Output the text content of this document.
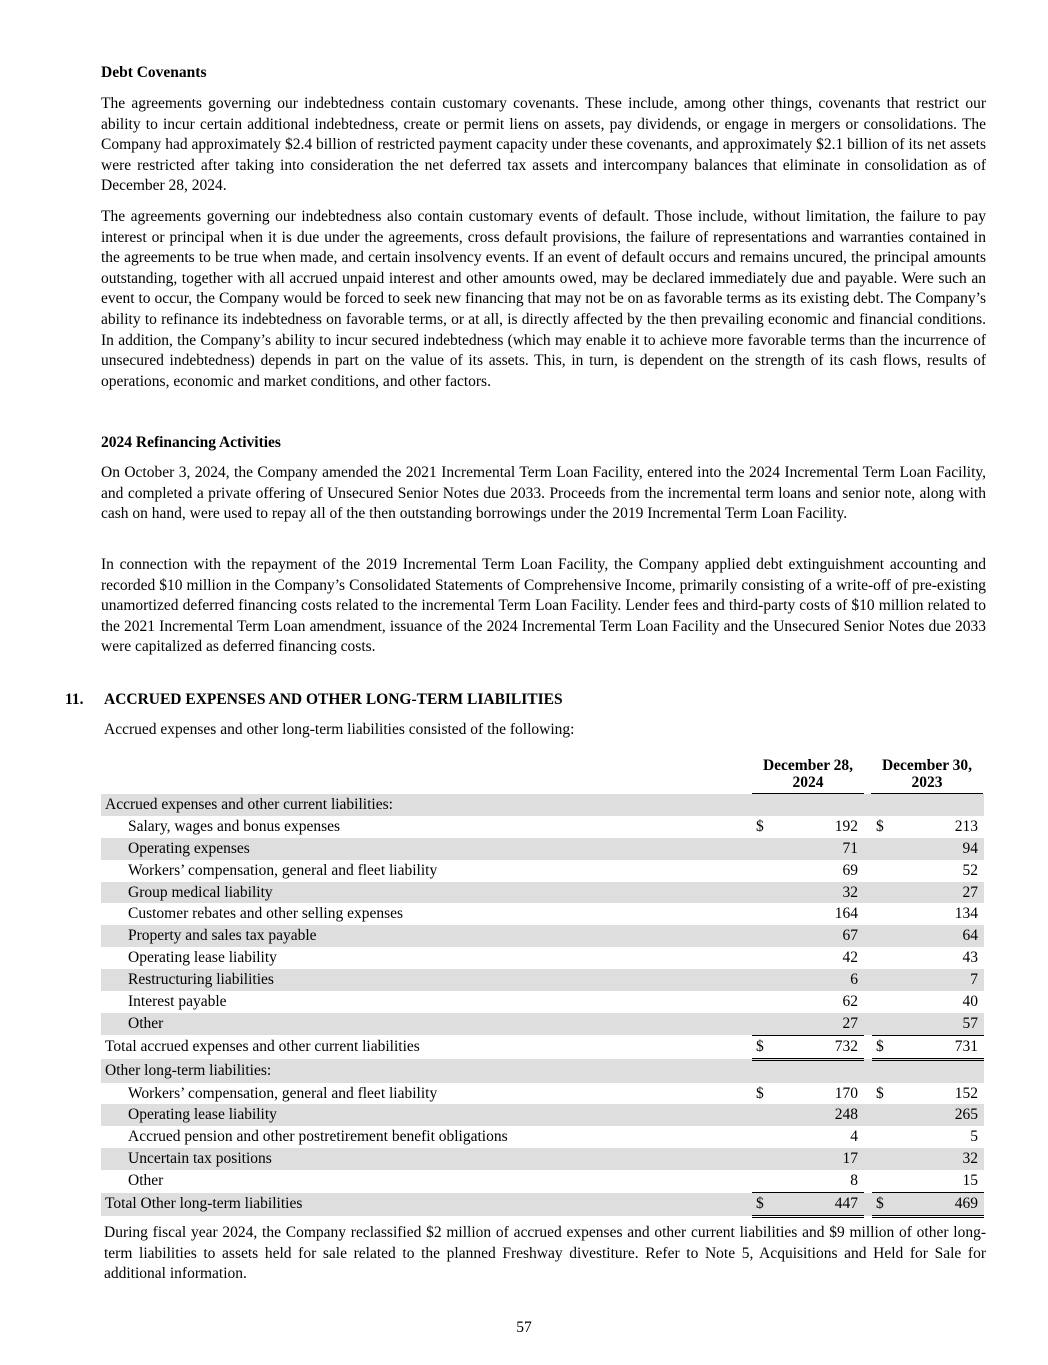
Debt Covenants

The agreements governing our indebtedness contain customary covenants. These include, among other things, covenants that restrict our ability to incur certain additional indebtedness, create or permit liens on assets, pay dividends, or engage in mergers or consolidations. The Company had approximately $2.4 billion of restricted payment capacity under these covenants, and approximately $2.1 billion of its net assets were restricted after taking into consideration the net deferred tax assets and intercompany balances that eliminate in consolidation as of December 28, 2024.

The agreements governing our indebtedness also contain customary events of default. Those include, without limitation, the failure to pay interest or principal when it is due under the agreements, cross default provisions, the failure of representations and warranties contained in the agreements to be true when made, and certain insolvency events. If an event of default occurs and remains uncured, the principal amounts outstanding, together with all accrued unpaid interest and other amounts owed, may be declared immediately due and payable. Were such an event to occur, the Company would be forced to seek new financing that may not be on as favorable terms as its existing debt. The Company’s ability to refinance its indebtedness on favorable terms, or at all, is directly affected by the then prevailing economic and financial conditions. In addition, the Company’s ability to incur secured indebtedness (which may enable it to achieve more favorable terms than the incurrence of unsecured indebtedness) depends in part on the value of its assets. This, in turn, is dependent on the strength of its cash flows, results of operations, economic and market conditions, and other factors.

2024 Refinancing Activities

On October 3, 2024, the Company amended the 2021 Incremental Term Loan Facility, entered into the 2024 Incremental Term Loan Facility, and completed a private offering of Unsecured Senior Notes due 2033. Proceeds from the incremental term loans and senior note, along with cash on hand, were used to repay all of the then outstanding borrowings under the 2019 Incremental Term Loan Facility.

In connection with the repayment of the 2019 Incremental Term Loan Facility, the Company applied debt extinguishment accounting and recorded $10 million in the Company’s Consolidated Statements of Comprehensive Income, primarily consisting of a write-off of pre-existing unamortized deferred financing costs related to the incremental Term Loan Facility. Lender fees and third-party costs of $10 million related to the 2021 Incremental Term Loan amendment, issuance of the 2024 Incremental Term Loan Facility and the Unsecured Senior Notes due 2033 were capitalized as deferred financing costs.

11. ACCRUED EXPENSES AND OTHER LONG-TERM LIABILITIES
Accrued expenses and other long-term liabilities consisted of the following:
December 28, 2024
December 30, 2023
Accrued expenses and other current liabilities:					
Salary, wages and bonus expenses	$	192		$	213
Operating expenses		71			94
Workers’ compensation, general and fleet liability		69			52
Group medical liability		32			27
Customer rebates and other selling expenses		164			134
Property and sales tax payable		67			64
Operating lease liability		42			43
Restructuring liabilities		6			7
Interest payable		62			40
Other		27			57
Total accrued expenses and other current liabilities	$	732		$	731
Other long-term liabilities:					
Workers’ compensation, general and fleet liability	$	170		$	152
Operating lease liability		248			265
Accrued pension and other postretirement benefit obligations		4			5
Uncertain tax positions		17			32
Other		8			15
Total Other long-term liabilities	$	447		$	469

During fiscal year 2024, the Company reclassified $2 million of accrued expenses and other current liabilities and $9 million of other long-term liabilities to assets held for sale related to the planned Freshway divestiture. Refer to Note 5, Acquisitions and Held for Sale for additional information.

57
